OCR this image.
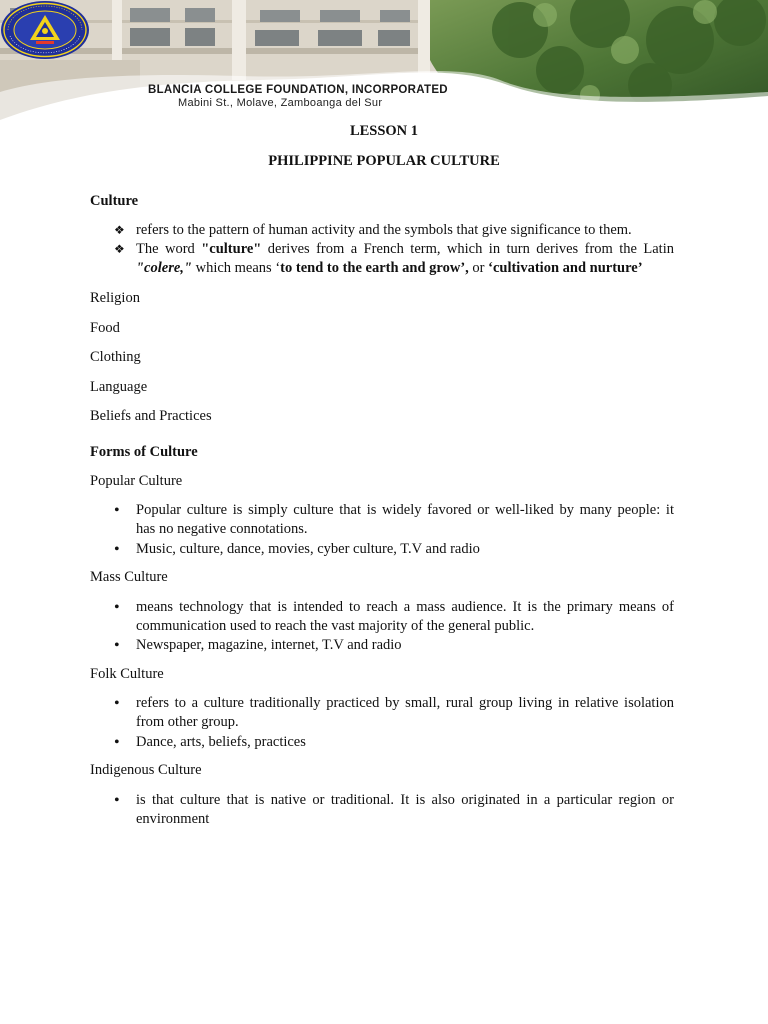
BLANCIA COLLEGE FOUNDATION, INCORPORATED
Mabini St., Molave, Zamboanga del Sur
LESSON 1
PHILIPPINE POPULAR CULTURE
Culture
❖ refers to the pattern of human activity and the symbols that give significance to them.
❖ The word "culture" derives from a French term, which in turn derives from the Latin
"colere," which means ‘to tend to the earth and grow’, or ‘cultivation and nurture’
Religion
Food
Clothing
Language
Beliefs and Practices
Forms of Culture
Popular Culture
•	Popular culture is simply culture that is widely favored or well-liked by many people: it
has no negative connotations.
•	Music, culture, dance, movies, cyber culture, T.V and radio
Mass Culture
•	means technology that is intended to reach a mass audience. It is the primary means of
communication used to reach the vast majority of the general public.
•	Newspaper, magazine, internet, T.V and radio
Folk Culture
•	refers to a culture traditionally practiced by small, rural group living in relative isolation
from other group.
•	Dance, arts, beliefs, practices
Indigenous Culture
•	is that culture that is native or traditional. It is also originated in a particular region or
environment
